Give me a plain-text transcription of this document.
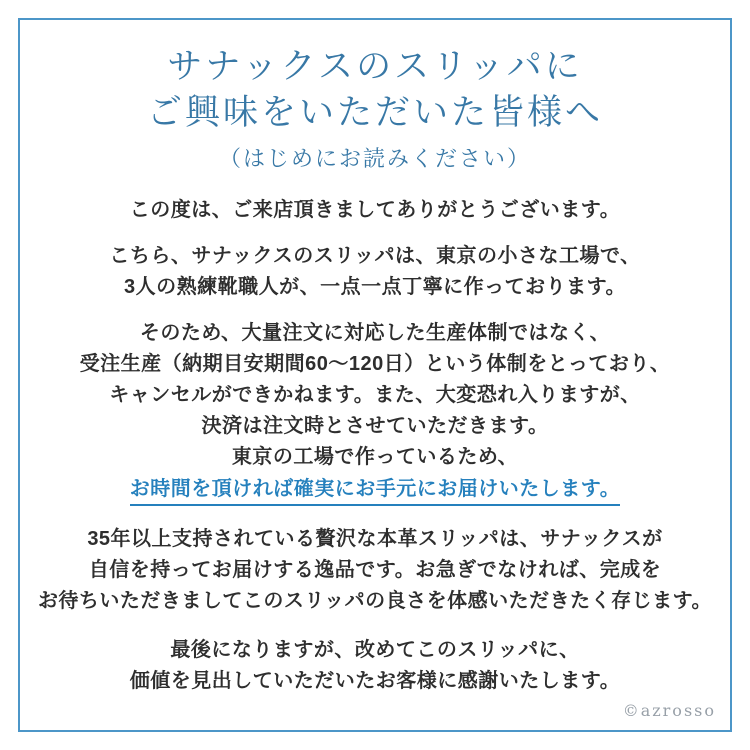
サナックスのスリッパに
ご興味をいただいた皆様へ
（はじめにお読みください）

この度は、ご来店頂きましてありがとうございます。

こちら、サナックスのスリッパは、東京の小さな工場で、
3人の熟練靴職人が、一点一点丁寧に作っております。

そのため、大量注文に対応した生産体制ではなく、
受注生産（納期目安期間60～120日）という体制をとっており、
キャンセルができかねます。また、大変恐れ入りますが、
決済は注文時とさせていただきます。
東京の工場で作っているため、
お時間を頂ければ確実にお手元にお届けいたします。

35年以上支持されている贅沢な本革スリッパは、サナックスが
自信を持ってお届けする逸品です。お急ぎでなければ、完成を
お待ちいただきましてこのスリッパの良さを体感いただきたく存じます。

最後になりますが、改めてこのスリッパに、
価値を見出していただいたお客様に感謝いたします。

©azrosso
